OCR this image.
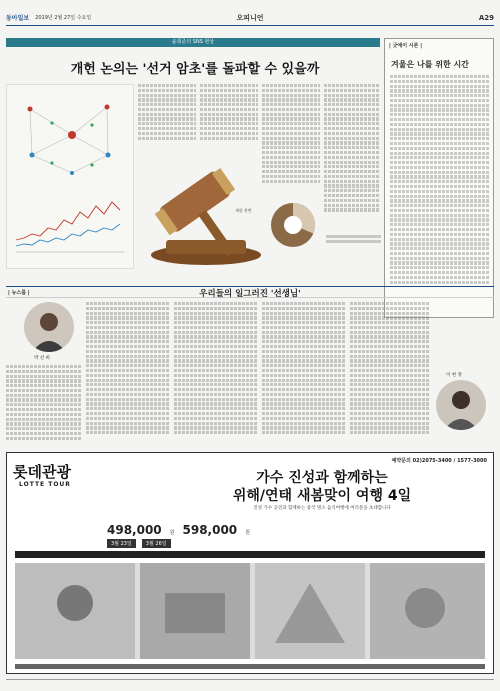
동아일보 2019년 2월 27일 수요일	오피니언	A29
윤희준의 SNS 현상
개헌 논의는 '선거 암초'를 돌파할 수 있을까
개헌 찬반
| 굿에이 시론 |
겨울은 나를 위한 시간
| 뉴스룸 |	우리들의 일그러진 '선생님'
박 선 희
이 현 정
롯데관광
LOTTE TOUR
예약문의 02)2075-3400 / 1577-3000
가수 진성과 함께하는
위해/연태 새봄맞이 여행 4일
진성 가수 공연과 함께하는 중국 명소 음식여행에 여러분을 초대합니다
498,000 원 598,000 원
3월 23일	3월 26일
